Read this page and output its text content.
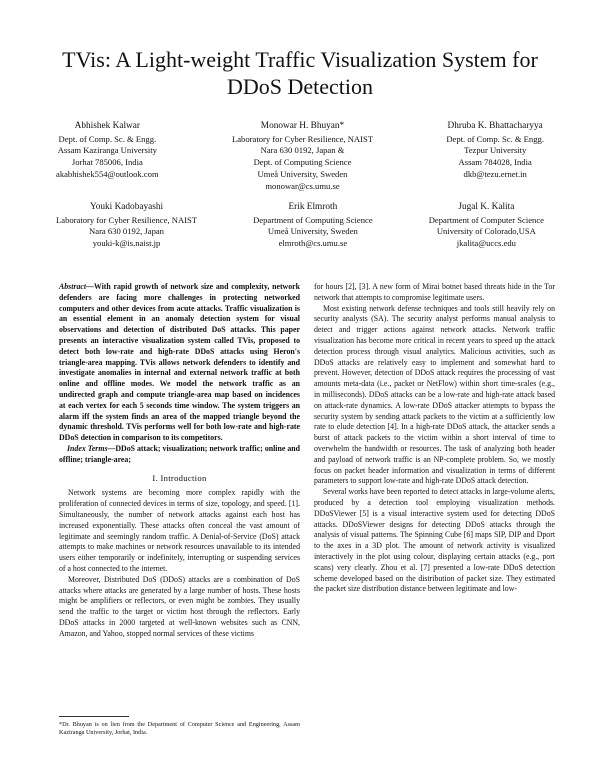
TVis: A Light-weight Traffic Visualization System for DDoS Detection
Abhishek Kalwar
Dept. of Comp. Sc. & Engg.
Assam Kaziranga University
Jorhat 785006, India
akabhishek554@outlook.com
Monowar H. Bhuyan*
Laboratory for Cyber Resilience, NAIST
Nara 630 0192, Japan &
Dept. of Computing Science
Umeå University, Sweden
monowar@cs.umu.se
Dhruba K. Bhattacharyya
Dept. of Comp. Sc. & Engg.
Tezpur University
Assam 784028, India
dkb@tezu.ernet.in
Youki Kadobayashi
Laboratory for Cyber Resilience, NAIST
Nara 630 0192, Japan
youki-k@is.naist.jp
Erik Elmroth
Department of Computing Science
Umeå University, Sweden
elmroth@cs.umu.se
Jugal K. Kalita
Department of Computer Science
University of Colorado,USA
jkalita@uccs.edu

Abstract—With rapid growth of network size and complexity, network defenders are facing more challenges in protecting networked computers and other devices from acute attacks. Traffic visualization is an essential element in an anomaly detection system for visual observations and detection of distributed DoS attacks. This paper presents an interactive visualization system called TVis, proposed to detect both low-rate and high-rate DDoS attacks using Heron's triangle-area mapping. TVis allows network defenders to identify and investigate anomalies in internal and external network traffic at both online and offline modes. We model the network traffic as an undirected graph and compute triangle-area map based on incidences at each vertex for each 5 seconds time window. The system triggers an alarm iff the system finds an area of the mapped triangle beyond the dynamic threshold. TVis performs well for both low-rate and high-rate DDoS detection in comparison to its competitors.

Index Terms—DDoS attack; visualization; network traffic; online and offline; triangle-area;

I. Introduction

Network systems are becoming more complex rapidly with the proliferation of connected devices in terms of size, topology, and speed. [1]. Simultaneously, the number of network attacks against each host has increased exponentially. These attacks often conceal the vast amount of legitimate and seemingly random traffic. A Denial-of-Service (DoS) attack attempts to make machines or network resources unavailable to its intended users either temporarily or indefinitely, interrupting or suspending services of a host connected to the internet.

Moreover, Distributed DoS (DDoS) attacks are a combination of DoS attacks where attacks are generated by a large number of hosts. These hosts might be amplifiers or reflectors, or even might be zombies. They usually send the traffic to the target or victim host through the reflectors. Early DDoS attacks in 2000 targeted at well-known websites such as CNN, Amazon, and Yahoo, stopped normal services of these victims

for hours [2], [3]. A new form of Mirai botnet based threats hide in the Tor network that attempts to compromise legitimate users.

Most existing network defense techniques and tools still heavily rely on security analysts (SA). The security analyst performs manual analysis to detect and trigger actions against network attacks. Network traffic visualization has become more critical in recent years to speed up the attack detection process through visual analytics. Malicious activities, such as DDoS attacks are relatively easy to implement and somewhat hard to prevent. However, detection of DDoS attack requires the processing of vast amounts meta-data (i.e., packet or NetFlow) within short time-scales (e.g., in milliseconds). DDoS attacks can be a low-rate and high-rate attack based on attack-rate dynamics. A low-rate DDoS attacker attempts to bypass the security system by sending attack packets to the victim at a sufficiently low rate to elude detection [4]. In a high-rate DDoS attack, the attacker sends a burst of attack packets to the victim within a short interval of time to overwhelm the bandwidth or resources. The task of analyzing both header and payload of network traffic is an NP-complete problem. So, we mostly focus on packet header information and visualization in terms of different parameters to support low-rate and high-rate DDoS attack detection.

Several works have been reported to detect attacks in large-volume alerts, produced by a detection tool employing visualization methods. DDoSViewer [5] is a visual interactive system used for detecting DDoS attacks. DDoSViewer designs for detecting DDoS attacks through the analysis of visual patterns. The Spinning Cube [6] maps SIP, DIP and Dport to the axes in a 3D plot. The amount of network activity is visualized interactively in the plot using colour, displaying certain attacks (e.g., port scans) very clearly. Zhou et al. [7] presented a low-rate DDoS detection scheme developed based on the distribution of packet size. They estimated the packet size distribution distance between legitimate and low-

*Dr. Bhuyan is on lien from the Department of Computer Science and Engineering, Assam Kaziranga University, Jorhat, India.
